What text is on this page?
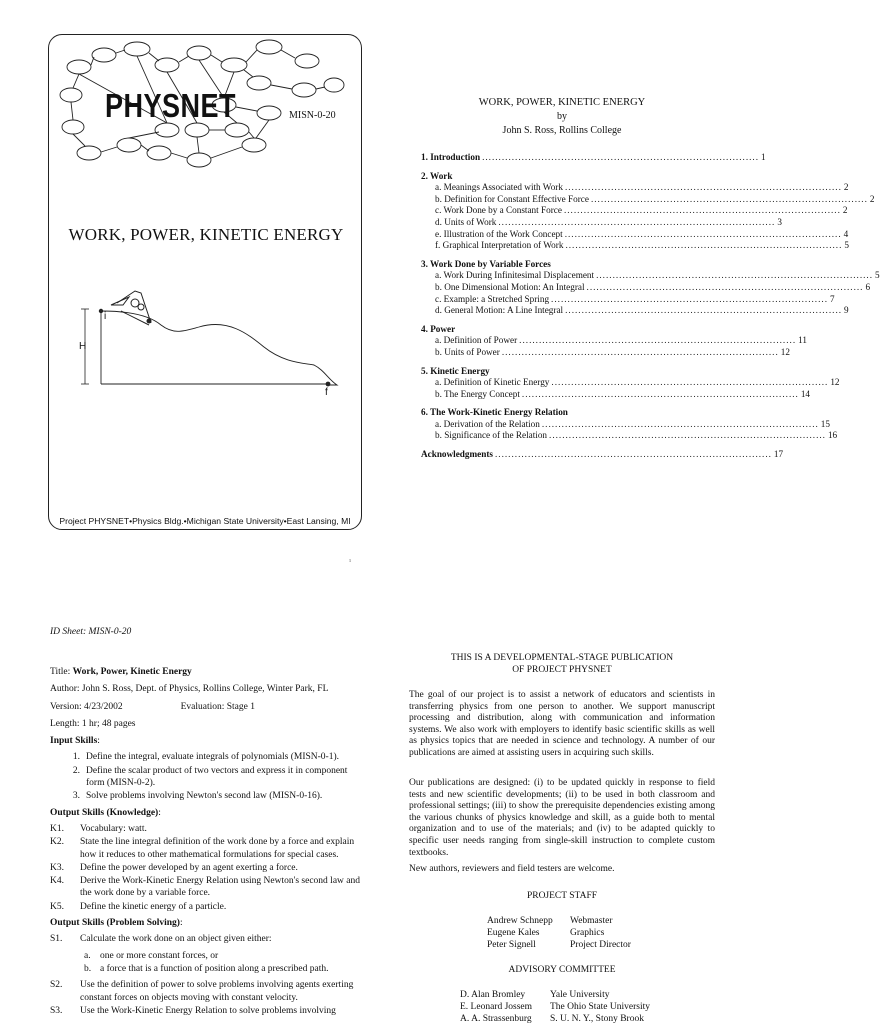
PHYSNET	MISN-0-20
WORK, POWER, KINETIC ENERGY
i
H
f
Project PHYSNET•Physics Bldg.•Michigan State University•East Lansing, MI
WORK, POWER, KINETIC ENERGY
by
John S. Ross, Rollins College
1. Introduction .................................................................................... 1
2. Work
a. Meanings Associated with Work .................................................................................... 2
b. Definition for Constant Effective Force .................................................................................... 2
c. Work Done by a Constant Force .................................................................................... 2
d. Units of Work .................................................................................... 3
e. Illustration of the Work Concept .................................................................................... 4
f. Graphical Interpretation of Work .................................................................................... 5
3. Work Done by Variable Forces
a. Work During Infinitesimal Displacement .................................................................................... 5
b. One Dimensional Motion: An Integral .................................................................................... 6
c. Example: a Stretched Spring .................................................................................... 7
d. General Motion: A Line Integral .................................................................................... 9
4. Power
a. Definition of Power .................................................................................... 11
b. Units of Power .................................................................................... 12
5. Kinetic Energy
a. Definition of Kinetic Energy .................................................................................... 12
b. The Energy Concept .................................................................................... 14
6. The Work-Kinetic Energy Relation
a. Derivation of the Relation .................................................................................... 15
b. Significance of the Relation .................................................................................... 16
Acknowledgments .................................................................................... 17
1
ID Sheet: MISN-0-20

Title: Work, Power, Kinetic Energy

Author: John S. Ross, Dept. of Physics, Rollins College, Winter Park, FL

Version: 4/23/2002	Evaluation: Stage 1

Length: 1 hr; 48 pages

Input Skills:
1. Define the integral, evaluate integrals of polynomials (MISN-0-1).
2. Define the scalar product of two vectors and express it in component form (MISN-0-2).
3. Solve problems involving Newton's second law (MISN-0-16).
Output Skills (Knowledge):
K1.	Vocabulary: watt.
K2.	State the line integral definition of the work done by a force and explain how it reduces to other mathematical formulations for special cases.
K3.	Define the power developed by an agent exerting a force.
K4.	Derive the Work-Kinetic Energy Relation using Newton's second law and the work done by a variable force.
K5.	Define the kinetic energy of a particle.
Output Skills (Problem Solving):
S1.	Calculate the work done on an object given either:
a. one or more constant forces, or
b. a force that is a function of position along a prescribed path.
S2.	Use the definition of power to solve problems involving agents exerting constant forces on objects moving with constant velocity.
S3.	Use the Work-Kinetic Energy Relation to solve problems involving
THIS IS A DEVELOPMENTAL-STAGE PUBLICATION
OF PROJECT PHYSNET
The goal of our project is to assist a network of educators and scientists in transferring physics from one person to another. We support manuscript processing and distribution, along with communication and information systems. We also work with employers to identify basic scientific skills as well as physics topics that are needed in science and technology. A number of our publications are aimed at assisting users in acquiring such skills.
Our publications are designed: (i) to be updated quickly in response to field tests and new scientific developments; (ii) to be used in both classroom and professional settings; (iii) to show the prerequisite dependencies existing among the various chunks of physics knowledge and skill, as a guide both to mental organization and to use of the materials; and (iv) to be adapted quickly to specific user needs ranging from single-skill instruction to complete custom textbooks.
New authors, reviewers and field testers are welcome.
PROJECT STAFF
Andrew Schnepp	Webmaster
Eugene Kales	Graphics
Peter Signell	Project Director
ADVISORY COMMITTEE
D. Alan Bromley	Yale University
E. Leonard Jossem	The Ohio State University
A. A. Strassenburg	S. U. N. Y., Stony Brook
